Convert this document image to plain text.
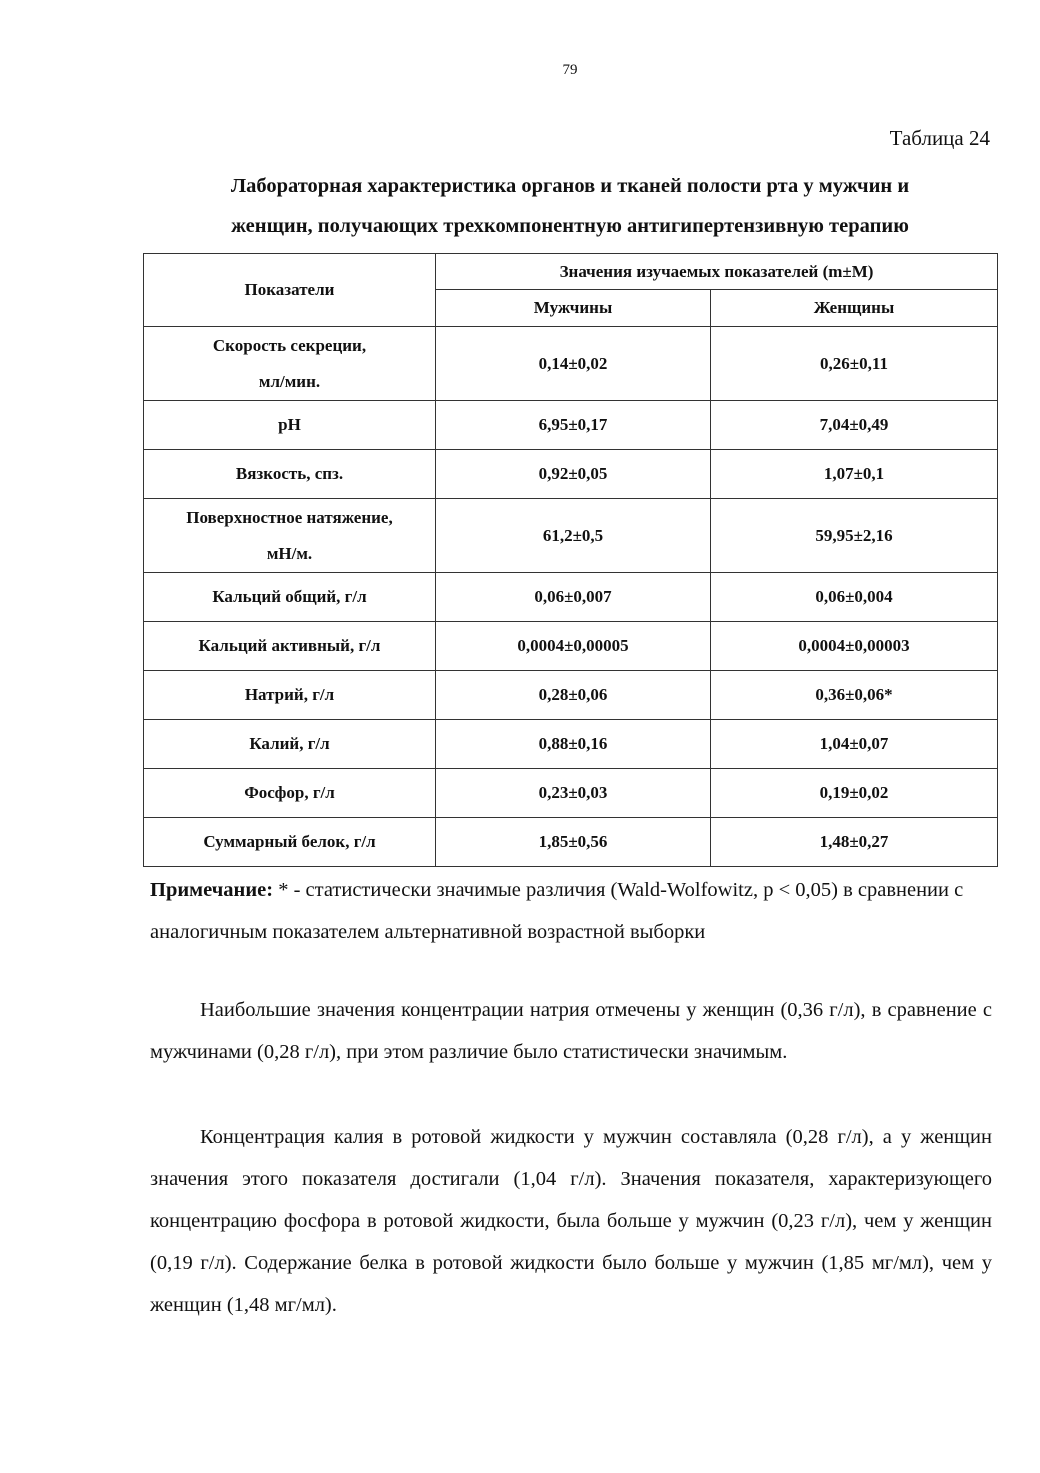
79
Таблица 24
Лабораторная характеристика органов и тканей полости рта у мужчин и
женщин, получающих трехкомпонентную антигипертензивную терапию
Показатели	Значения изучаемых показателей (m±M)	
	Мужчины	Женщины

Скорость секреции,
мл/мин.	0,14±0,02	0,26±0,11
pH	6,95±0,17	7,04±0,49
Вязкость, спз.	0,92±0,05	1,07±0,1

Поверхностное натяжение,
мН/м.	61,2±0,5	59,95±2,16
Кальций общий, г/л	0,06±0,007	0,06±0,004
Кальций активный, г/л	0,0004±0,00005	0,0004±0,00003
Натрий, г/л	0,28±0,06	0,36±0,06*
Калий, г/л	0,88±0,16	1,04±0,07
Фосфор, г/л	0,23±0,03	0,19±0,02
Суммарный белок, г/л	1,85±0,56	1,48±0,27
Примечание: * - статистически значимые различия (Wald-Wolfowitz, p < 0,05) в сравнении с аналогичным показателем альтернативной возрастной выборки
Наибольшие значения концентрации натрия отмечены у женщин (0,36 г/л), в сравнение с мужчинами (0,28 г/л), при этом различие было статистически значимым.
Концентрация калия в ротовой жидкости у мужчин составляла (0,28 г/л), а у женщин значения этого показателя достигали (1,04 г/л). Значения показателя, характеризующего концентрацию фосфора в ротовой жидкости, была больше у мужчин (0,23 г/л), чем у женщин (0,19 г/л). Содержание белка в ротовой жидкости было больше у мужчин (1,85 мг/мл), чем у женщин (1,48 мг/мл).
